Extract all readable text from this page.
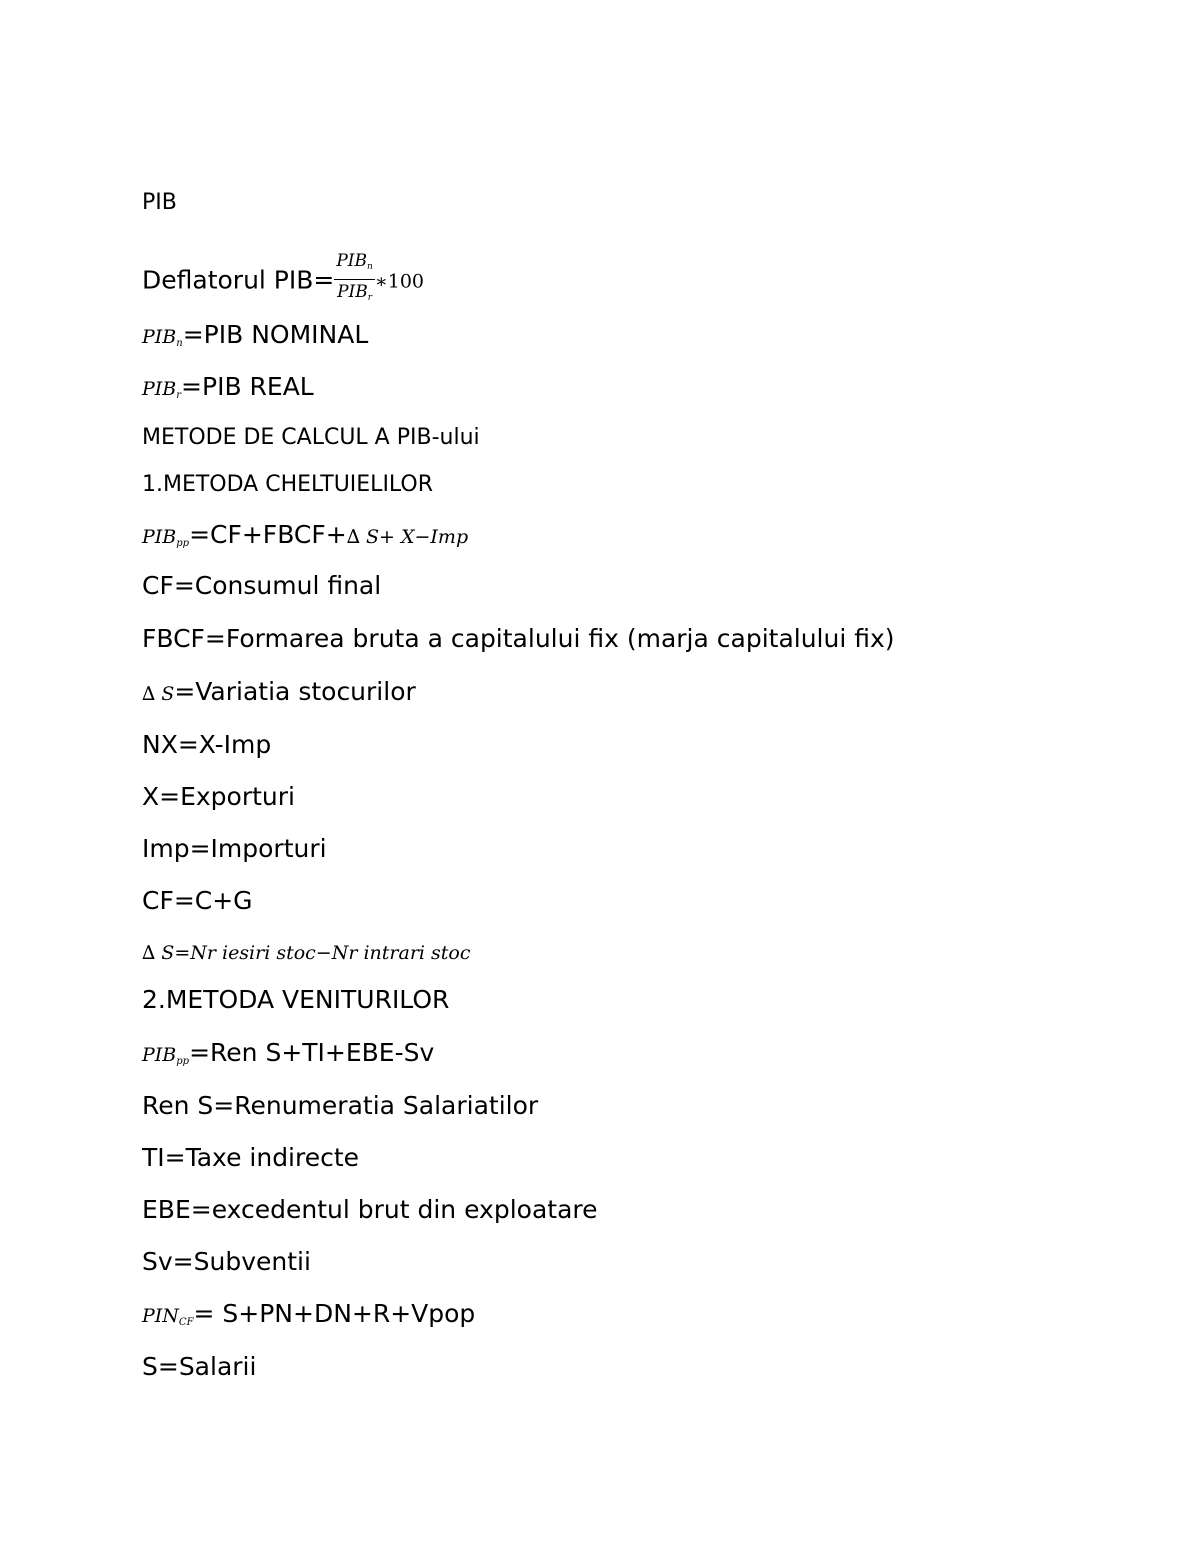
PIB
Deflatorul $PIB= \frac{PIB_n}{PIB_r}$ ∗100
$PIB_n=PIB$ NOMINAL
$PIB_r=PIB$ REAL
METODE DE CALCUL A PIB-ului
1.METODA CHELTUIELILOR
$PIB_{pp}=CF+FBCF+\Delta$ S+ X−Imp
CF=Consumul final
FBCF=Formarea bruta a capitalului fix (marja capitalului fix)
∆ S=Variatia stocurilor
NX=X-Imp
X=Exporturi
Imp=Importuri
CF=C+G
∆ S=Nr iesiri stoc−Nr intrari stoc
2.METODA VENITURILOR
$PIB_{pp}=Ren$ S+TI+EBE-Sv
Ren S=Renumeratia Salariatilor
TI=Taxe indirecte
EBE=excedentul brut din exploatare
Sv=Subventii
$PIN_{CF}=$ S+PN+DN+R+Vpop
S=Salarii
